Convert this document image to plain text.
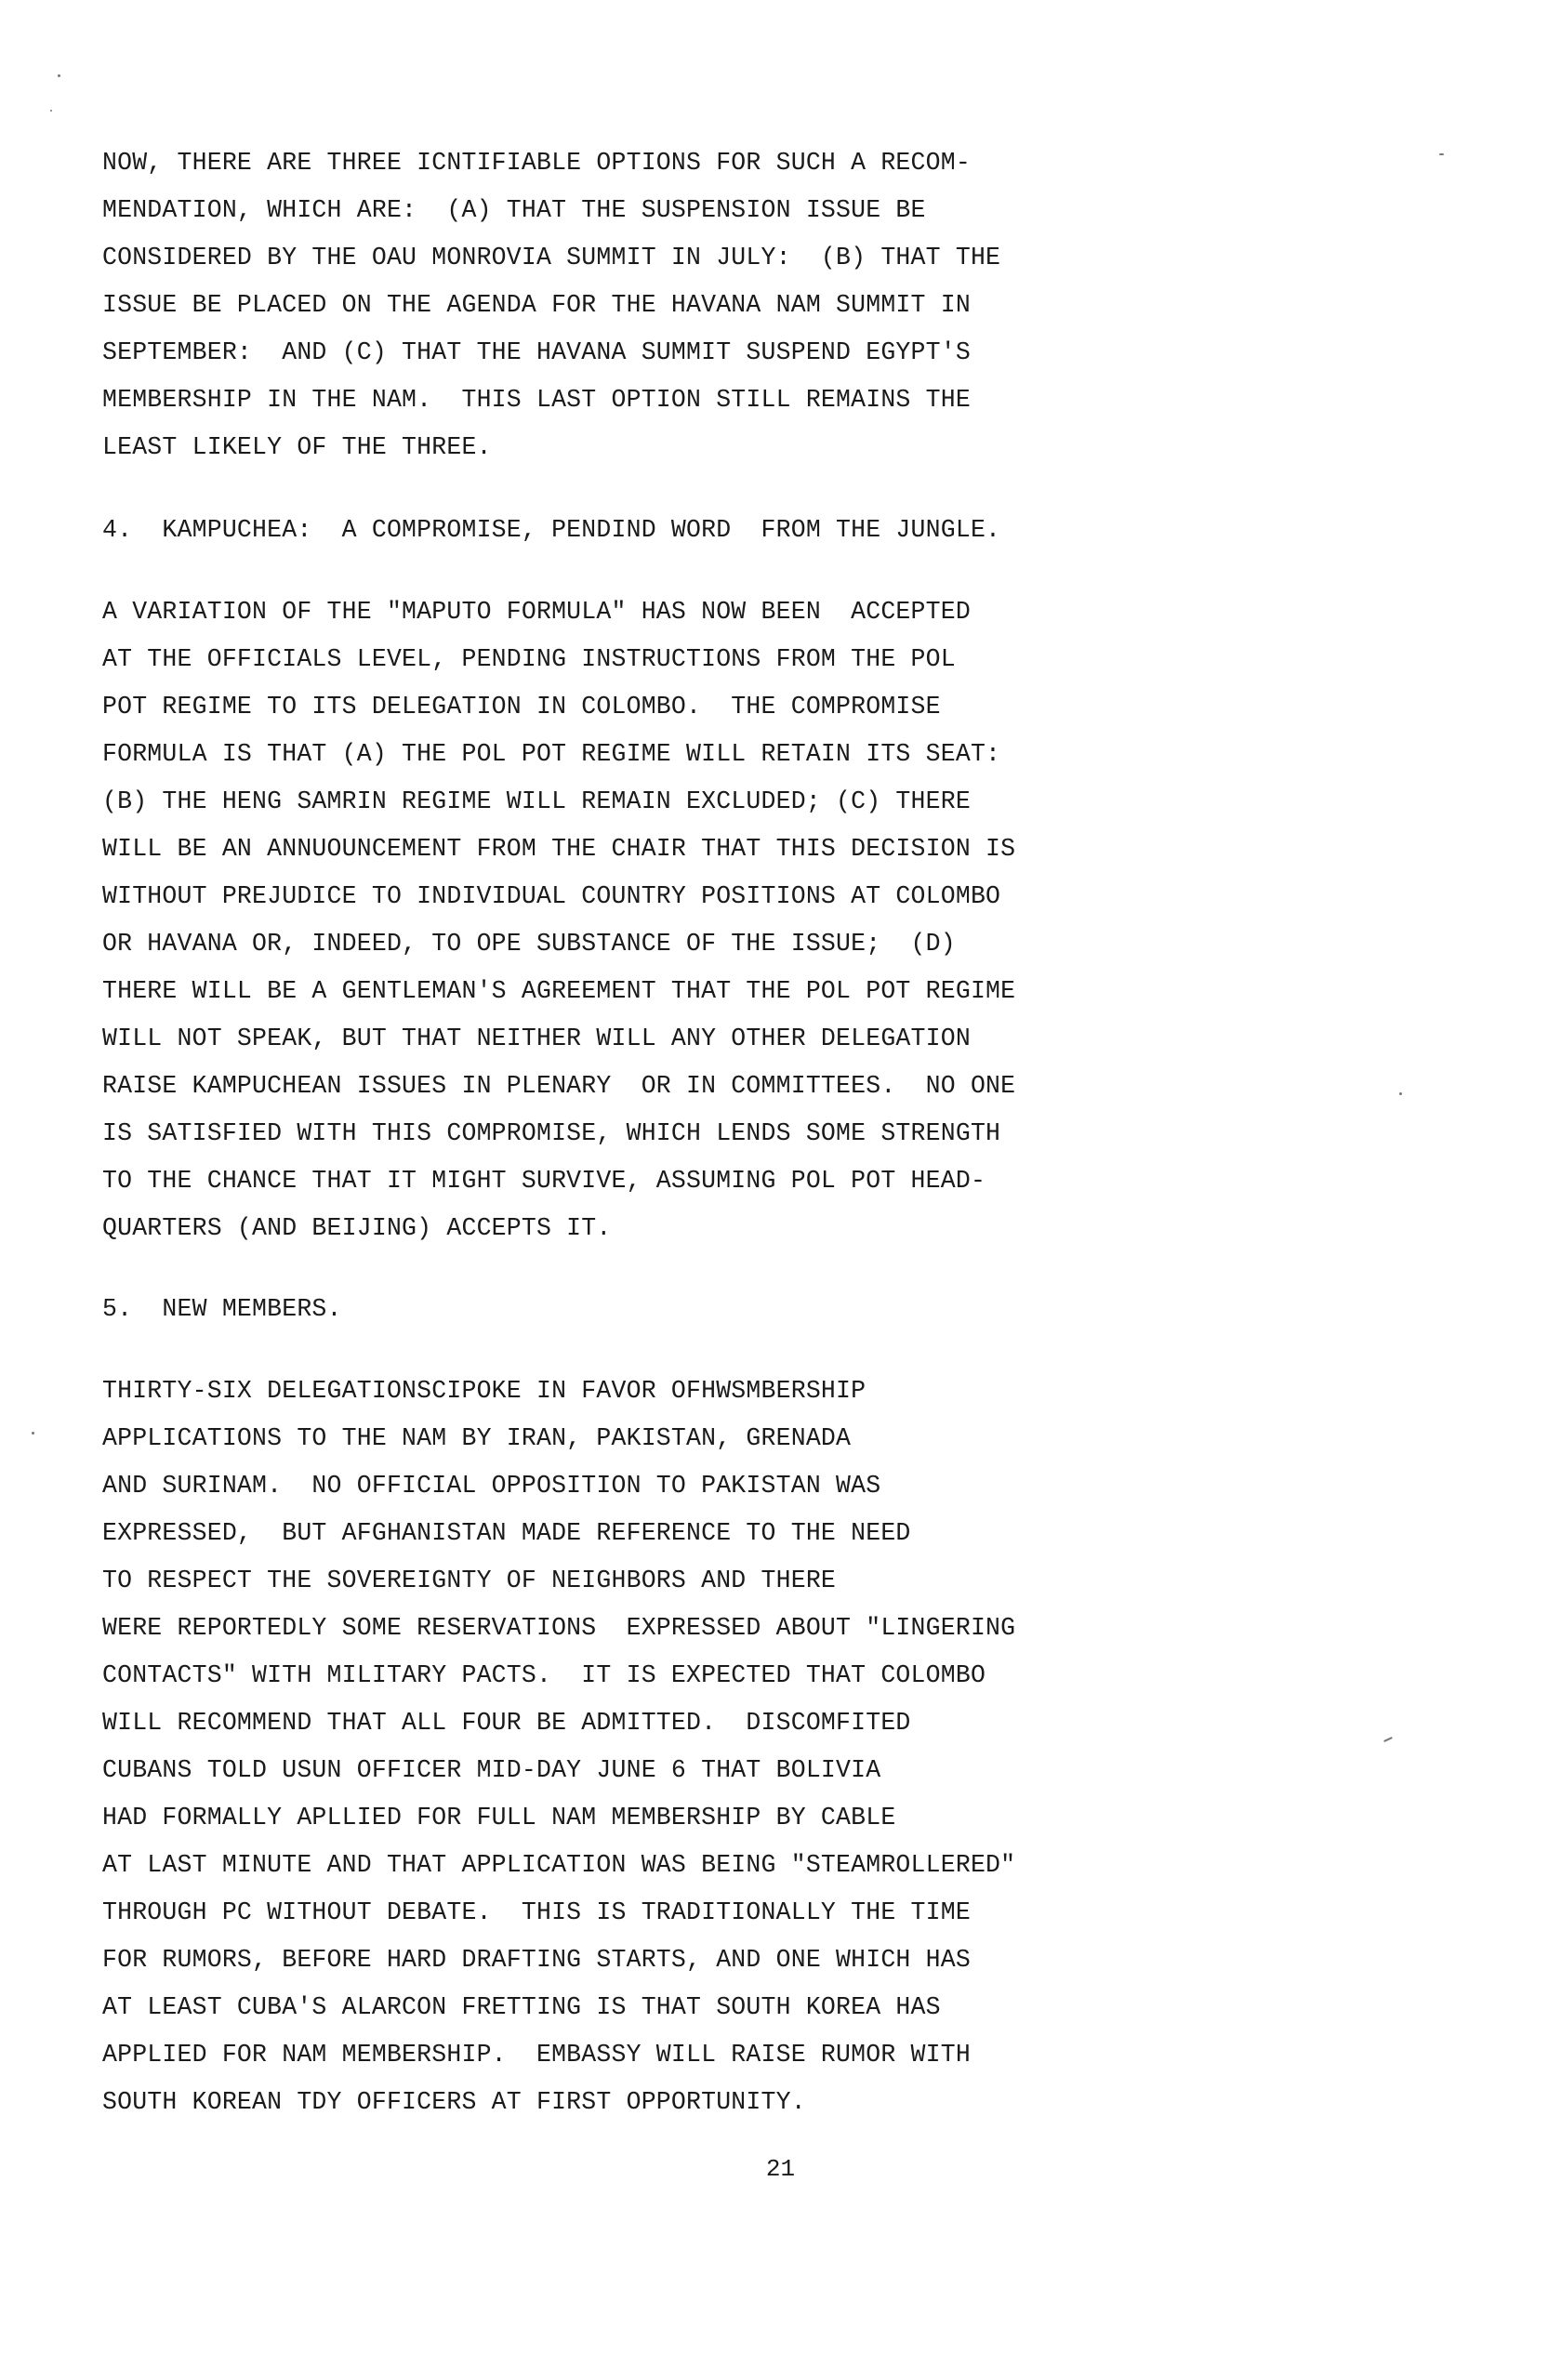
NOW, THERE ARE THREE ICNTIFIABLE OPTIONS FOR SUCH A RECOM-
MENDATION, WHICH ARE:  (A) THAT THE SUSPENSION ISSUE BE
CONSIDERED BY THE OAU MONROVIA SUMMIT IN JULY:  (B) THAT THE
ISSUE BE PLACED ON THE AGENDA FOR THE HAVANA NAM SUMMIT IN
SEPTEMBER:  AND (C) THAT THE HAVANA SUMMIT SUSPEND EGYPT'S
MEMBERSHIP IN THE NAM.  THIS LAST OPTION STILL REMAINS THE
LEAST LIKELY OF THE THREE.
4.  KAMPUCHEA:  A COMPROMISE, PENDIND WORD  FROM THE JUNGLE.
A VARIATION OF THE "MAPUTO FORMULA" HAS NOW BEEN  ACCEPTED
AT THE OFFICIALS LEVEL, PENDING INSTRUCTIONS FROM THE POL
POT REGIME TO ITS DELEGATION IN COLOMBO.  THE COMPROMISE
FORMULA IS THAT (A) THE POL POT REGIME WILL RETAIN ITS SEAT:
(B) THE HENG SAMRIN REGIME WILL REMAIN EXCLUDED; (C) THERE
WILL BE AN ANNUOUNCEMENT FROM THE CHAIR THAT THIS DECISION IS
WITHOUT PREJUDICE TO INDIVIDUAL COUNTRY POSITIONS AT COLOMBO
OR HAVANA OR, INDEED, TO OPE SUBSTANCE OF THE ISSUE;  (D)
THERE WILL BE A GENTLEMAN'S AGREEMENT THAT THE POL POT REGIME
WILL NOT SPEAK, BUT THAT NEITHER WILL ANY OTHER DELEGATION
RAISE KAMPUCHEAN ISSUES IN PLENARY  OR IN COMMITTEES.  NO ONE
IS SATISFIED WITH THIS COMPROMISE, WHICH LENDS SOME STRENGTH
TO THE CHANCE THAT IT MIGHT SURVIVE, ASSUMING POL POT HEAD-
QUARTERS (AND BEIJING) ACCEPTS IT.
5.  NEW MEMBERS.
THIRTY-SIX DELEGATIONSCIPOKE IN FAVOR OFHWSMBERSHIP
APPLICATIONS TO THE NAM BY IRAN, PAKISTAN, GRENADA
AND SURINAM.  NO OFFICIAL OPPOSITION TO PAKISTAN WAS
EXPRESSED,  BUT AFGHANISTAN MADE REFERENCE TO THE NEED
TO RESPECT THE SOVEREIGNTY OF NEIGHBORS AND THERE
WERE REPORTEDLY SOME RESERVATIONS  EXPRESSED ABOUT "LINGERING
CONTACTS" WITH MILITARY PACTS.  IT IS EXPECTED THAT COLOMBO
WILL RECOMMEND THAT ALL FOUR BE ADMITTED.  DISCOMFITED
CUBANS TOLD USUN OFFICER MID-DAY JUNE 6 THAT BOLIVIA
HAD FORMALLY APLLIED FOR FULL NAM MEMBERSHIP BY CABLE
AT LAST MINUTE AND THAT APPLICATION WAS BEING "STEAMROLLERED"
THROUGH PC WITHOUT DEBATE.  THIS IS TRADITIONALLY THE TIME
FOR RUMORS, BEFORE HARD DRAFTING STARTS, AND ONE WHICH HAS
AT LEAST CUBA'S ALARCON FRETTING IS THAT SOUTH KOREA HAS
APPLIED FOR NAM MEMBERSHIP.  EMBASSY WILL RAISE RUMOR WITH
SOUTH KOREAN TDY OFFICERS AT FIRST OPPORTUNITY.
21
